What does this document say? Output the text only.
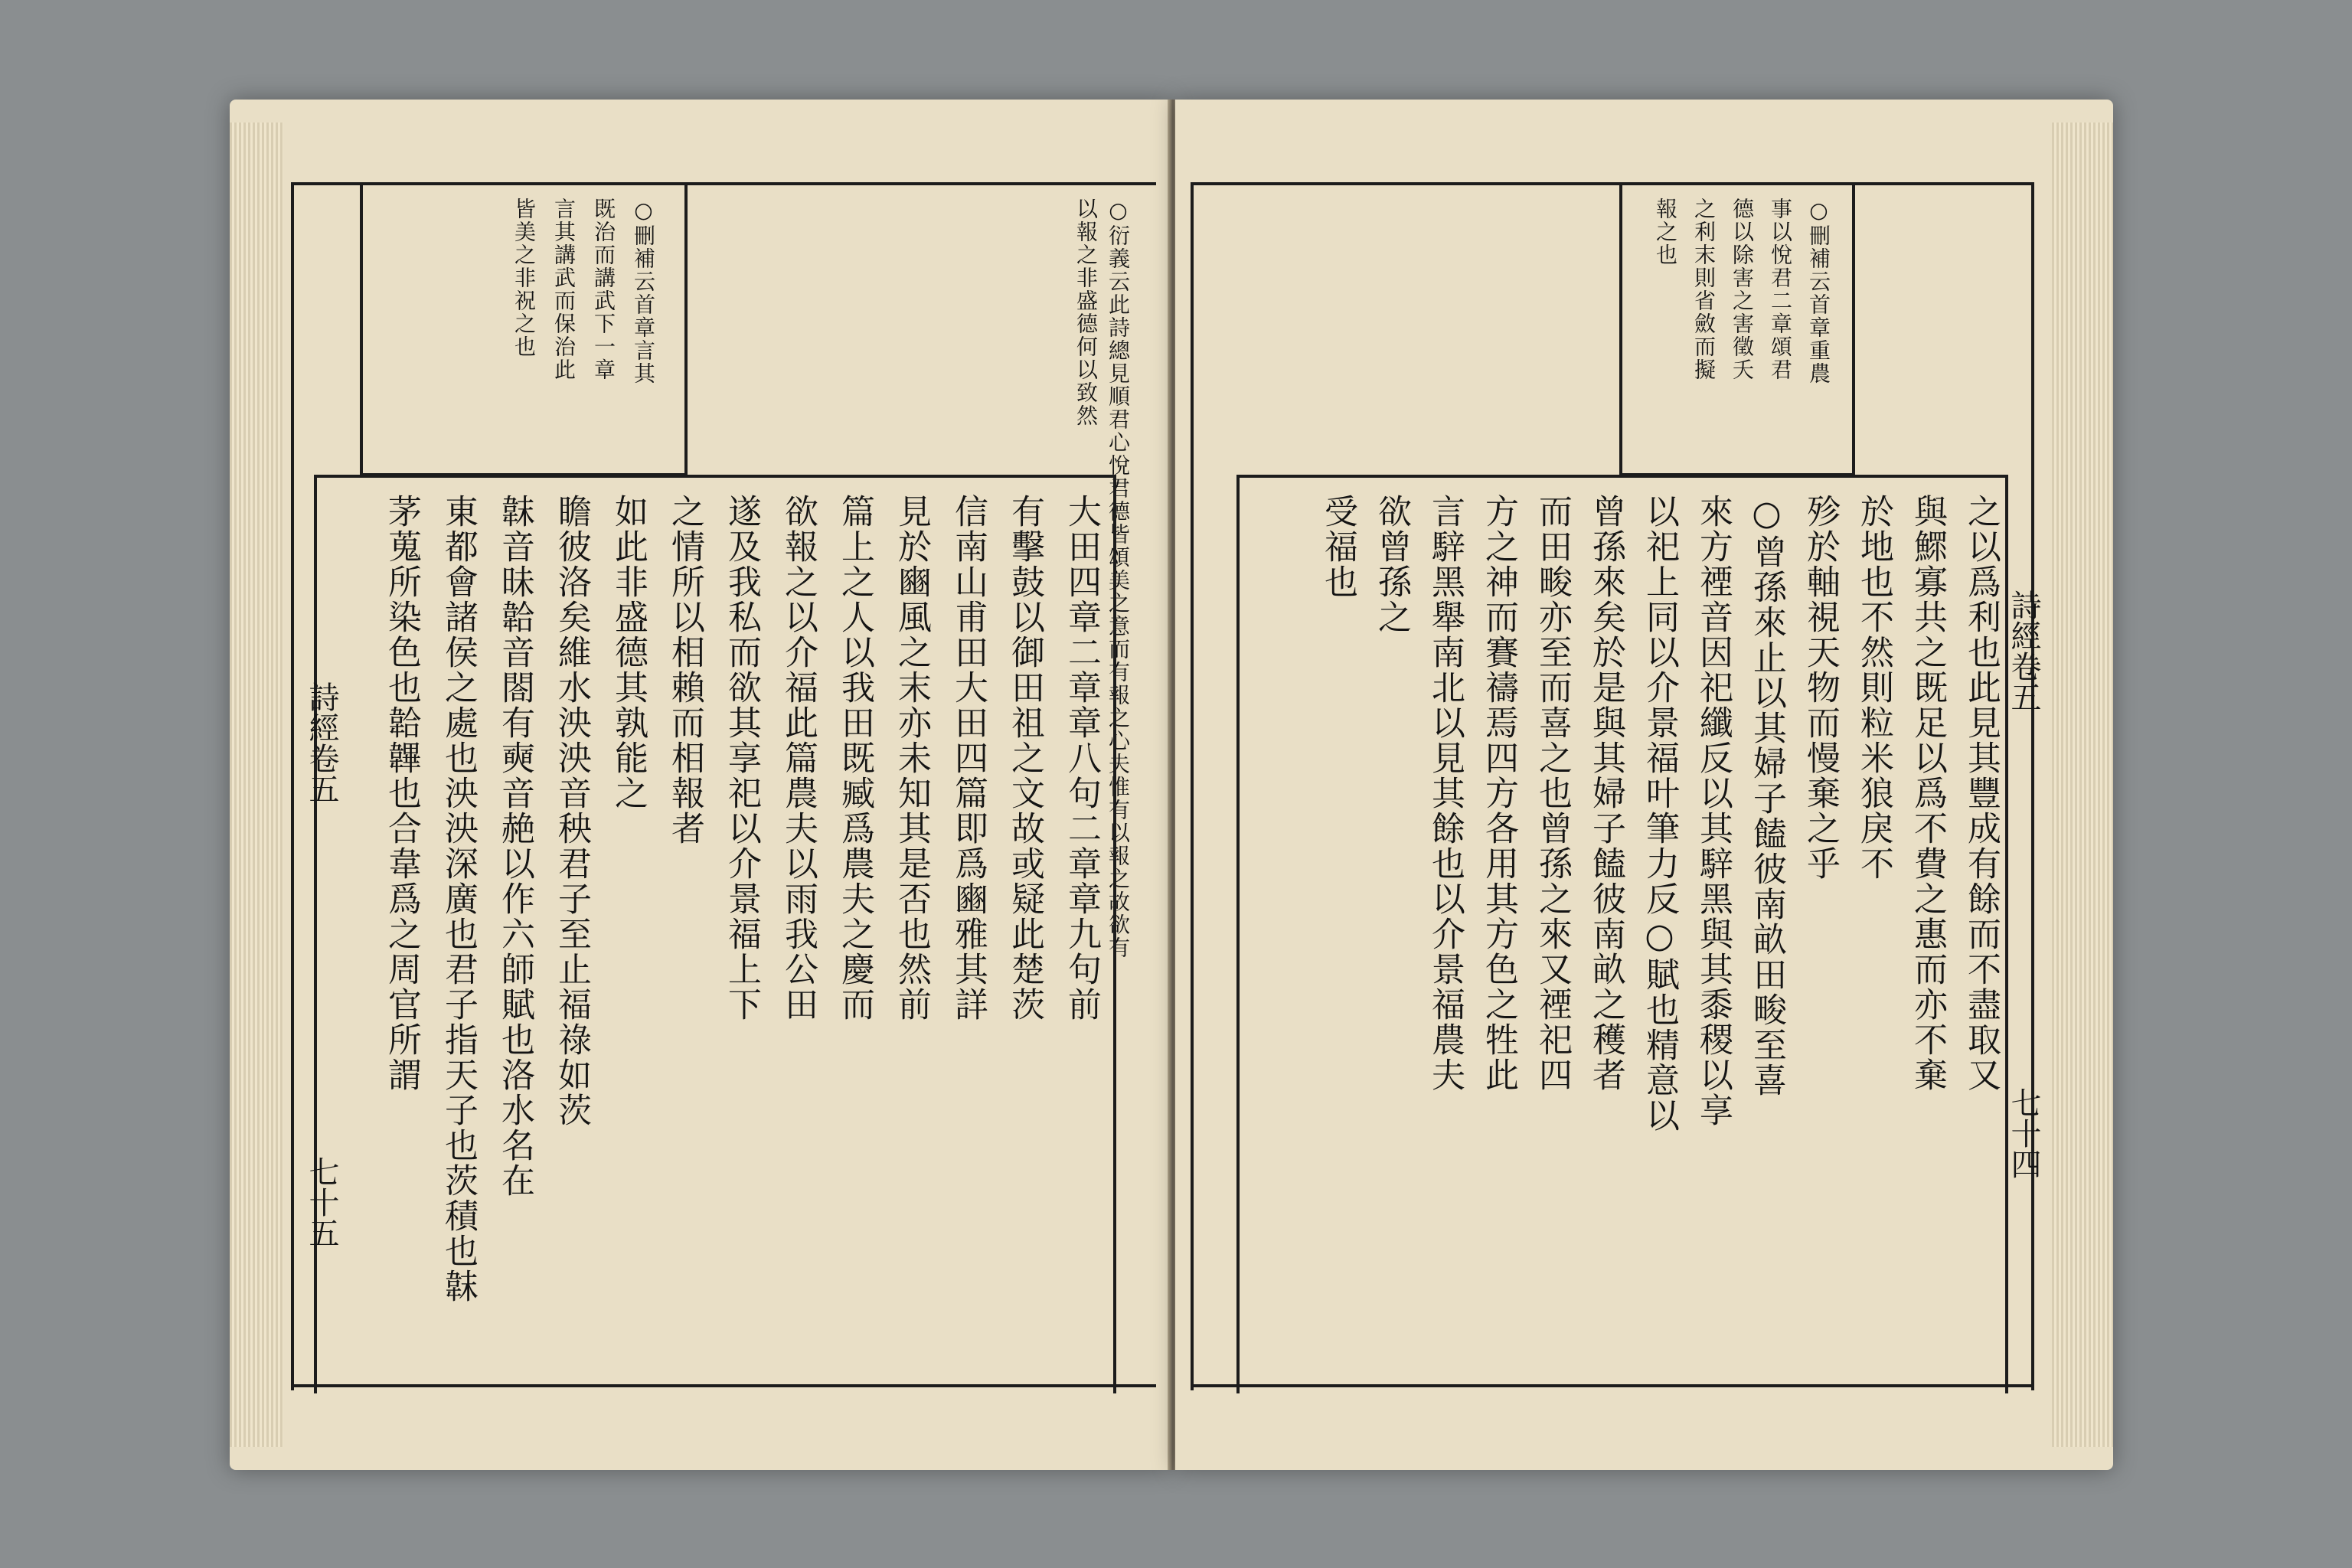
○刪補云首章言其
既治而講武下一章
言其講武而保治此
皆美之非祝之也	○衍義云此詩總見順君心悅君德皆頌美之意而有報之心夫惟有以報之故欲有
以報之非盛德何以致然
大田四章二章章八句二章章九句前
有擊鼓以御田祖之文故或疑此楚茨
信南山甫田大田四篇即爲豳雅其詳
見於豳風之末亦未知其是否也然前
篇上之人以我田既臧爲農夫之慶而
欲報之以介福此篇農夫以雨我公田
遂及我私而欲其享祀以介景福上下
之情所以相賴而相報者
如此非盛德其孰能之
瞻彼洛矣維水泱泱音秧君子至止福祿如茨
韎音昧韐音閤有奭音赩以作六師賦也洛水名在
東都會諸侯之處也泱泱深廣也君子指天子也茨積也韎
茅蒐所染色也韐韠也合韋爲之周官所謂
詩經卷五
七十五
○刪補云首章重農
事以悅君二章頌君
德以除害之害徵夭
之利末則省斂而擬
報之也
之以爲利也此見其豐成有餘而不盡取又
與鰥寡共之既足以爲不費之惠而亦不棄
於地也不然則粒米狼戾不
殄於軸視天物而慢棄之乎
○曾孫來止以其婦子饁彼南畝田畯至喜
來方禋音因祀纖反以其騂黑與其黍稷以享
以祀上同以介景福叶筆力反○賦也精意以
曾孫來矣於是與其婦子饁彼南畝之穫者
而田畯亦至而喜之也曾孫之來又禋祀四
方之神而賽禱焉四方各用其方色之牲此
言騂黑舉南北以見其餘也以介景福農夫
欲曾孫之
受福也
詩經卷五
七十四
